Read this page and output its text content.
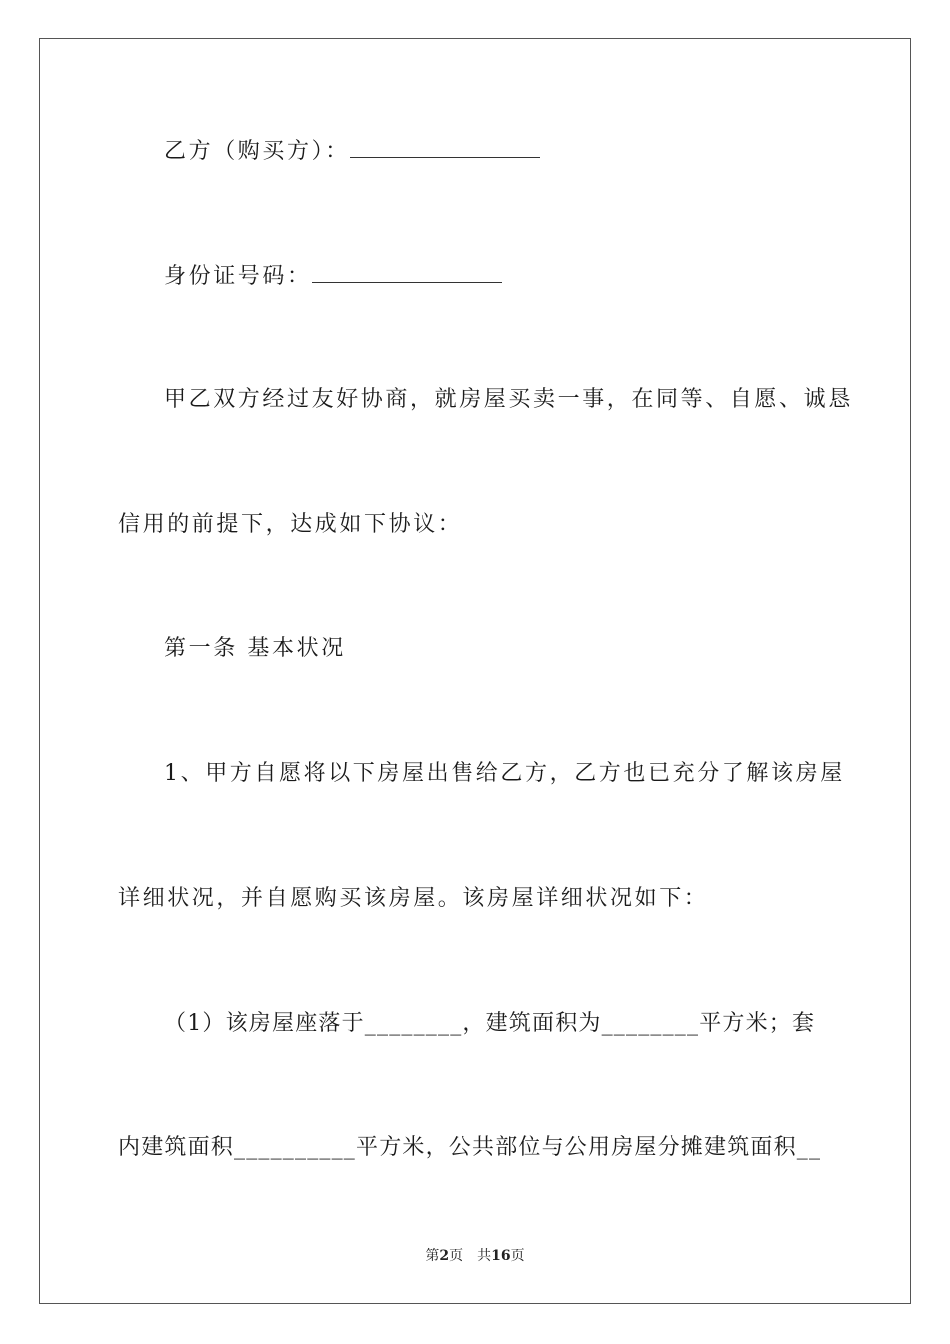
乙方（购买方）：
身份证号码：
甲乙双方经过友好协商，就房屋买卖一事，在同等、自愿、诚恳
信用的前提下，达成如下协议：
第一条 基本状况
1、甲方自愿将以下房屋出售给乙方，乙方也已充分了解该房屋
详细状况，并自愿购买该房屋。该房屋详细状况如下：
（1）该房屋座落于________，建筑面积为________平方米；套
内建筑面积__________平方米，公共部位与公用房屋分摊建筑面积__
第2页 共16页
